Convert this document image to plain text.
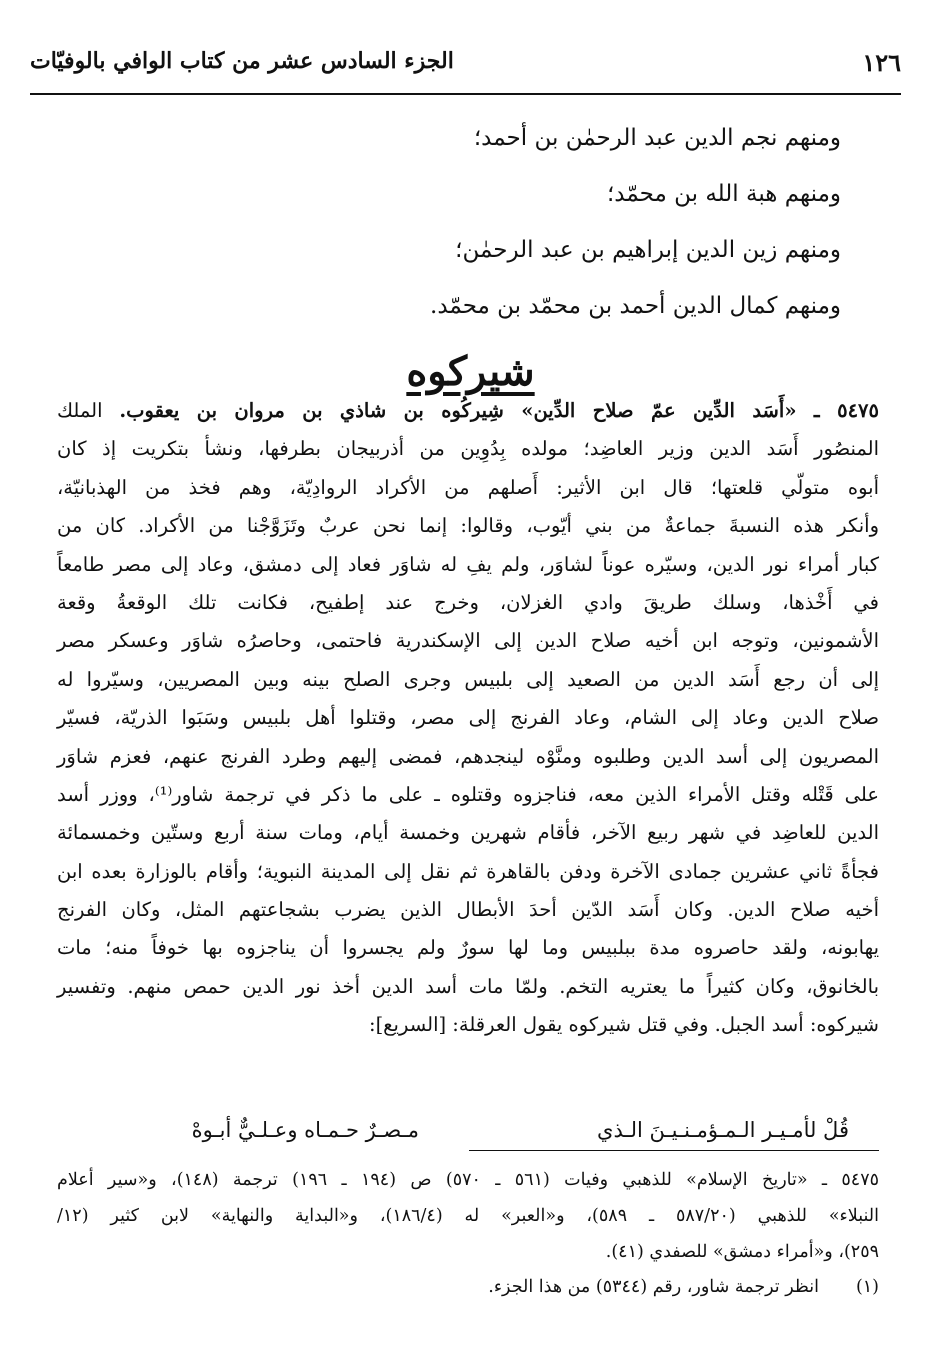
١٢٦
الجزء السادس عشر من كتاب الوافي بالوفيّات
ومنهم نجم الدين عبد الرحمٰن بن أحمد؛
ومنهم هبة الله بن محمّد؛
ومنهم زين الدين إبراهيم بن عبد الرحمٰن؛
ومنهم كمال الدين أحمد بن محمّد بن محمّد.
شيركوه
٥٤٧٥ ـ «أَسَد الدِّين عمّ صلاح الدِّين» شِيركُوه بن شاذي بن مروان بن يعقوب. الملك
المنصُور أَسَد الدين وزير العاضِد؛ مولده بِدُوِين من أذربيجان بطرفها، ونشأ بتكريت إذ كان
أبوه متولّي قلعتها؛ قال ابن الأثير: أَصلهم من الأكراد الروادِيّة، وهم فخذ من الهذبانيّة،
وأنكر هذه النسبةَ جماعةٌ من بني أيّوب، وقالوا: إنما نحن عربٌ وتَزَوَّجْنا من الأكراد. كان من
كبار أمراء نور الدين، وسيّره عوناً لشاوَر، ولم يفِ له شاوَر فعاد إلى دمشق، وعاد إلى مصر طامعاً
في أَخْذها، وسلك طريقَ وادي الغزلان، وخرج عند إطفيح، فكانت تلك الوقعةُ وقعة
الأشمونين، وتوجه ابن أخيه صلاح الدين إلى الإسكندرية فاحتمى، وحاصرُه شاوَر وعسكر مصر
إلى أن رجع أَسَد الدين من الصعيد إلى بلبيس وجرى الصلح بينه وبين المصريين، وسيّروا له
صلاح الدين وعاد إلى الشام، وعاد الفرنج إلى مصر، وقتلوا أهل بلبيس وسَبَوا الذريّة، فسيّر
المصريون إلى أسد الدين وطلبوه ومنَّوْه لينجدهم، فمضى إليهم وطرد الفرنج عنهم، فعزم شاوَر
على قَتْله وقتل الأمراء الذين معه، فناجزوه وقتلوه ـ على ما ذكر في ترجمة شاور⁽¹⁾، ووزر أسد
الدين للعاضِد في شهر ربيع الآخر، فأقام شهرين وخمسة أيام، ومات سنة أربع وستّين وخمسمائة
فجأةً ثاني عشرين جمادى الآخرة ودفن بالقاهرة ثم نقل إلى المدينة النبوية؛ وأقام بالوزارة بعده ابن
أخيه صلاح الدين. وكان أَسَد الدّين أحدَ الأبطال الذين يضرب بشجاعتهم المثل، وكان الفرنج
يهابونه، ولقد حاصروه مدة ببلبيس وما لها سورٌ ولم يجسروا أن يناجزوه بها خوفاً منه؛ مات
بالخانوق، وكان كثيراً ما يعتريه التخم. ولمّا مات أسد الدين أخذ نور الدين حمص منهم. وتفسير
شيركوه: أسد الجبل. وفي قتل شيركوه يقول العرقلة: [السريع]:
قُلْ لأمـيـر الـمـؤمـنـيـنَ الـذي
مـصـرٌ حـمـاه وعـلـيٌّ أبـوهْ
٥٤٧٥ ـ «تاريخ الإسلام» للذهبي وفيات (٥٦١ ـ ٥٧٠) ص (١٩٤ ـ ١٩٦) ترجمة (١٤٨)، و«سير أعلام
النبلاء» للذهبي (٥٨٧/٢٠ ـ ٥٨٩)، و«العبر» له (١٨٦/٤)، و«البداية والنهاية» لابن كثير (١٢/
٢٥٩)، و«أمراء دمشق» للصفدي (٤١).
(١)
انظر ترجمة شاور، رقم (٥٣٤٤) من هذا الجزء.
